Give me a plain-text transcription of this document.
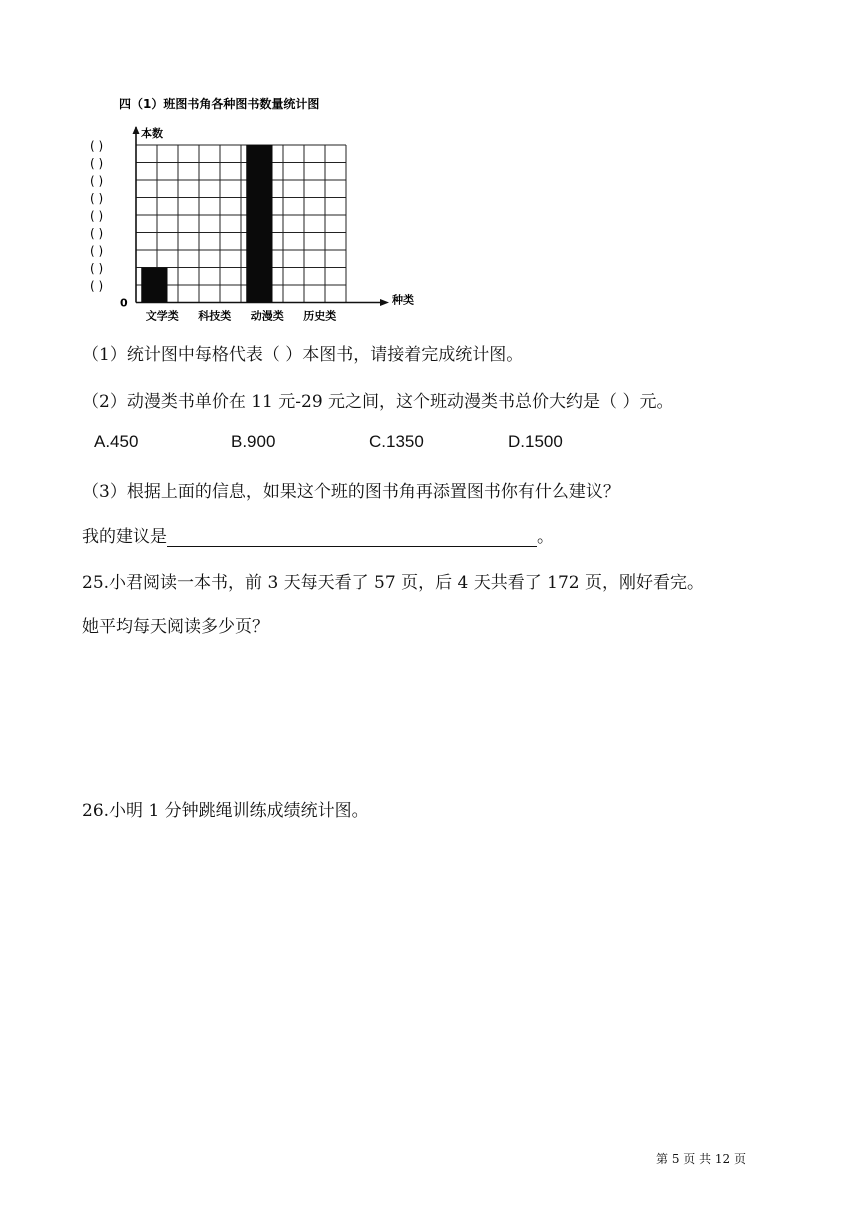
四（1）班图书角各种图书数量统计图
本数
种类
0
( )
( )
( )
( )
( )
( )
( )
( )
( )
文学类 科技类 动漫类 历史类
（1）统计图中每格代表（ ）本图书，请接着完成统计图。
（2）动漫类书单价在 11 元-29 元之间，这个班动漫类书总价大约是（ ）元。
A.450	B.900	C.1350	D.1500
（3）根据上面的信息，如果这个班的图书角再添置图书你有什么建议？
我的建议是	。
25.小君阅读一本书，前 3 天每天看了 57 页，后 4 天共看了 172 页，刚好看完。
她平均每天阅读多少页？
26.小明 1 分钟跳绳训练成绩统计图。
第 5 页 共 12 页
